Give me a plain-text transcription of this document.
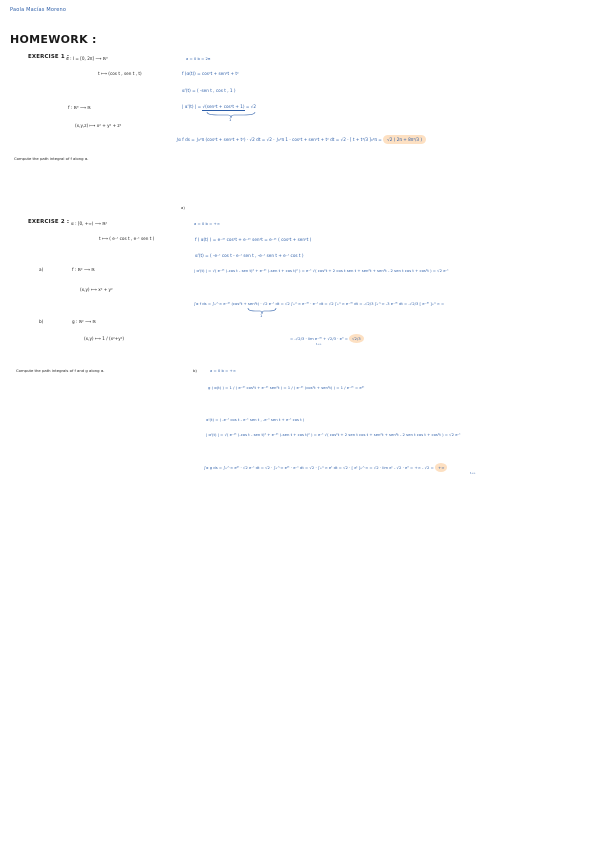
Paola Macías Moreno
HOMEWORK :
EXERCISE 1 :
α : I = [0, 2π] ⟶ ℝ³
t ⟼ (cos t , sen t , t)
f : ℝ³ ⟶ ℝ
(x,y,z) ⟼ x² + y² + z²
Compute the path integral of f along α.
a = 0 b = 2π
f (α(t)) = cos²t + sen²t + t²
α'(t) = ( -sen t , cos t , 1 )
| α'(t) | = √(sen²t + cos²t + 1) = √2
1
∫α f ds = ∫₀²π (cos²t + sen²t + t²) · √2 dt = √2 · ∫₀²π 1 · cos²t + sen²t + t² dt = √2 · [ t + t³/3 ]₀²π = √2 ( 2π + 8π³/3 )
EXERCISE 2 : α : [0, +∞) ⟶ ℝ²
t ⟼ ( e⁻ᵗ cos t , e⁻ᵗ sen t )
a)	f : ℝ² ⟶ ℝ
(x,y) ⟼ x² + y²
b)	g : ℝ² ⟶ ℝ
(x,y) ⟼ 1 / (x²+y²)
Compute the path integrals of f and g along α.
a)
a = 0 b = +∞
f ( α(t) ) = e⁻²ᵗ cos²t + e⁻²ᵗ sen²t = e⁻²ᵗ ( cos²t + sen²t )
α'(t) = ( -e⁻ᵗ cos t - e⁻ᵗ sen t , -e⁻ᵗ sen t + e⁻ᵗ cos t )
| α'(t) | = √( e⁻²ᵗ (-cos t - sen t)² + e⁻²ᵗ (-sen t + cos t)² ) = e⁻ᵗ √( cos²t + 2 cos t sen t + sen²t + sen²t - 2 sen t cos t + cos²t ) = √2 e⁻ᵗ
∫α f ds = ∫₀^∞ e⁻²ᵗ (cos²t + sen²t) · √2 e⁻ᵗ dt = √2 ∫₀^∞ e⁻³ᵗ · e⁻ᵗ dt = √2 ∫₀^∞ e⁻³ᵗ dt = -√2/3 ∫₀^∞ -3 e⁻³ᵗ dt = -√2/3 [ e⁻³ᵗ ]₀^∞ =
1
= -√2/3 · lim e⁻³ᵗ + √2/3 · e⁰ = √2/3
t→∞
b)	a = 0 b = +∞
g ( α(t) ) = 1 / ( e⁻²ᵗ cos²t + e⁻²ᵗ sen²t ) = 1 / ( e⁻²ᵗ (cos²t + sen²t) ) = 1 / e⁻²ᵗ = e²ᵗ
α'(t) = ( -e⁻ᵗ cos t - e⁻ᵗ sen t , -e⁻ᵗ sen t + e⁻ᵗ cos t )
| α'(t) | = √( e⁻²ᵗ (-cos t - sen t)² + e⁻²ᵗ (-sen t + cos t)² ) = e⁻ᵗ √( cos²t + 2 sen t cos t + sen²t + sen²t - 2 sen t cos t + cos²t ) = √2 e⁻ᵗ
∫α g ds = ∫₀^∞ e²ᵗ · √2 e⁻ᵗ dt = √2 · ∫₀^∞ e²ᵗ · e⁻ᵗ dt = √2 · ∫₀^∞ eᵗ dt = √2 · [ eᵗ ]₀^∞ = √2 · lim eᵗ - √2 · e⁰ = +∞ - √2 = +∞
t→∞
